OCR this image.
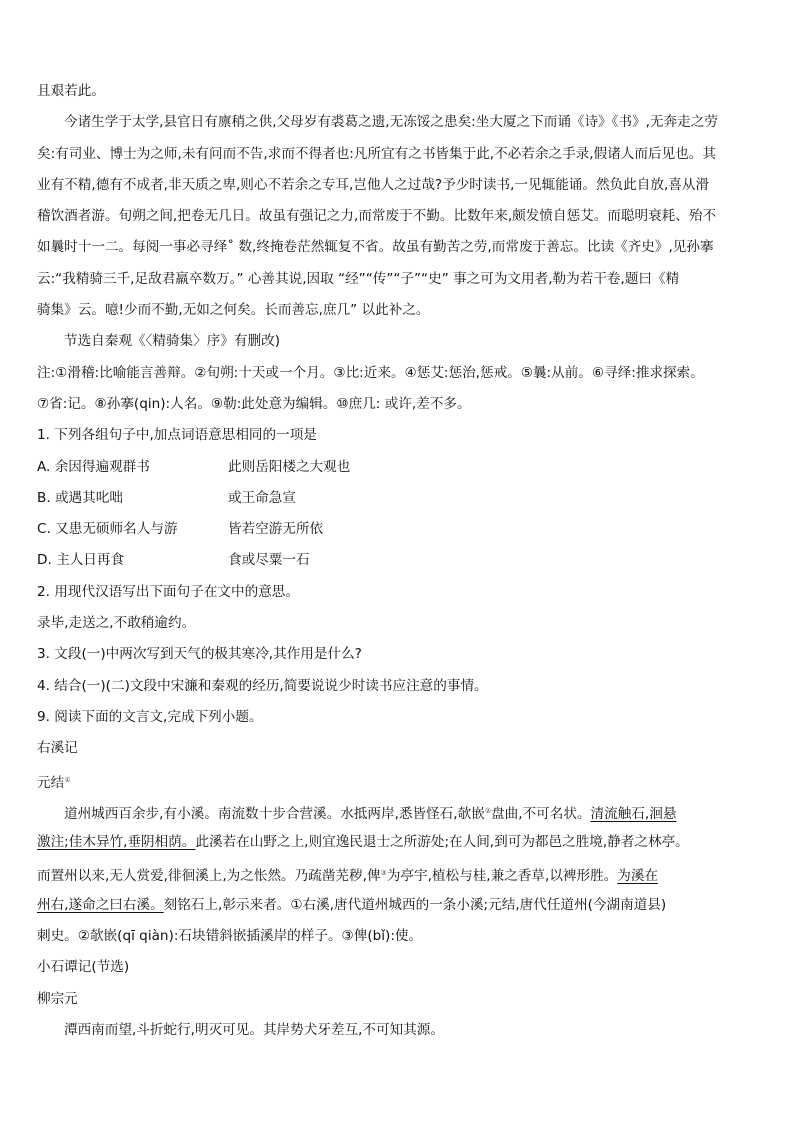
且艰若此。
今诸生学于太学,县官日有廪稍之供,父母岁有裘葛之遗,无冻馁之患矣:坐大厦之下而诵《诗》《书》,无奔走之劳
矣:有司业、博士为之师,未有问而不告,求而不得者也:凡所宜有之书皆集于此,不必若余之手录,假诸人而后见也。其
业有不精,德有不成者,非天质之卑,则心不若余之专耳,岂他人之过哉?予少时读书,一见辄能诵。然负此自放,喜从滑
稽饮酒者游。旬朔之间,把卷无几日。故虽有强记之力,而常废于不勤。比数年来,颇发愤自惩艾。而聪明衰耗、殆不
如曩时十一二。每阅一事必寻绎˚ 数,终掩卷茫然辄复不省。故虽有勤苦之劳,而常废于善忘。比读《齐史》,见孙搴
云:“我精骑三千,足敌君羸卒数万。” 心善其说,因取 “经”“传”“子”“史” 事之可为文用者,勒为若干卷,题曰《精
骑集》云。噫!少而不勤,无如之何矣。长而善忘,庶几” 以此补之。
节选自秦观《〈精骑集〉序》有删改)
注:①滑稽:比喻能言善辩。②旬朔:十天或一个月。③比:近来。④惩艾:惩治,惩戒。⑤曩:从前。⑥寻绎:推求探索。
⑦省:记。⑧孙搴(qin):人名。⑨勒:此处意为编辑。⑩庶几: 或许,差不多。
1. 下列各组句子中,加点词语意思相同的一项是
A. 余因得遍观群书	此则岳阳楼之大观也
B. 或遇其叱咄	或王命急宣
C. 又患无硕师名人与游	皆若空游无所依
D. 主人日再食	食或尽粟一石
2. 用现代汉语写出下面句子在文中的意思。
录毕,走送之,不敢稍逾约。
3. 文段(一)中两次写到天气的极其寒冷,其作用是什么?
4. 结合(一)(二)文段中宋濂和秦观的经历,简要说说少时读书应注意的事情。
9. 阅读下面的文言文,完成下列小题。
右溪记
元结①
道州城西百余步,有小溪。南流数十步合营溪。水抵两岸,悉皆怪石,欹嵌②盘曲,不可名状。清流触石,洄悬
激注;佳木异竹,垂阴相荫。此溪若在山野之上,则宜逸民退士之所游处;在人间,到可为都邑之胜境,静者之林亭。
而置州以来,无人赏爱,徘徊溪上,为之怅然。乃疏凿芜秽,俾③为亭宇,植松与桂,兼之香草,以裨形胜。为溪在
州右,遂命之曰右溪。刻铭石上,彰示来者。①右溪,唐代道州城西的一条小溪;元结,唐代任道州(今湖南道县)
刺史。②欹嵌(qī qiàn):石块错斜嵌插溪岸的样子。③俾(bǐ):使。
小石谭记(节选)
柳宗元
潭西南而望,斗折蛇行,明灭可见。其岸势犬牙差互,不可知其源。
